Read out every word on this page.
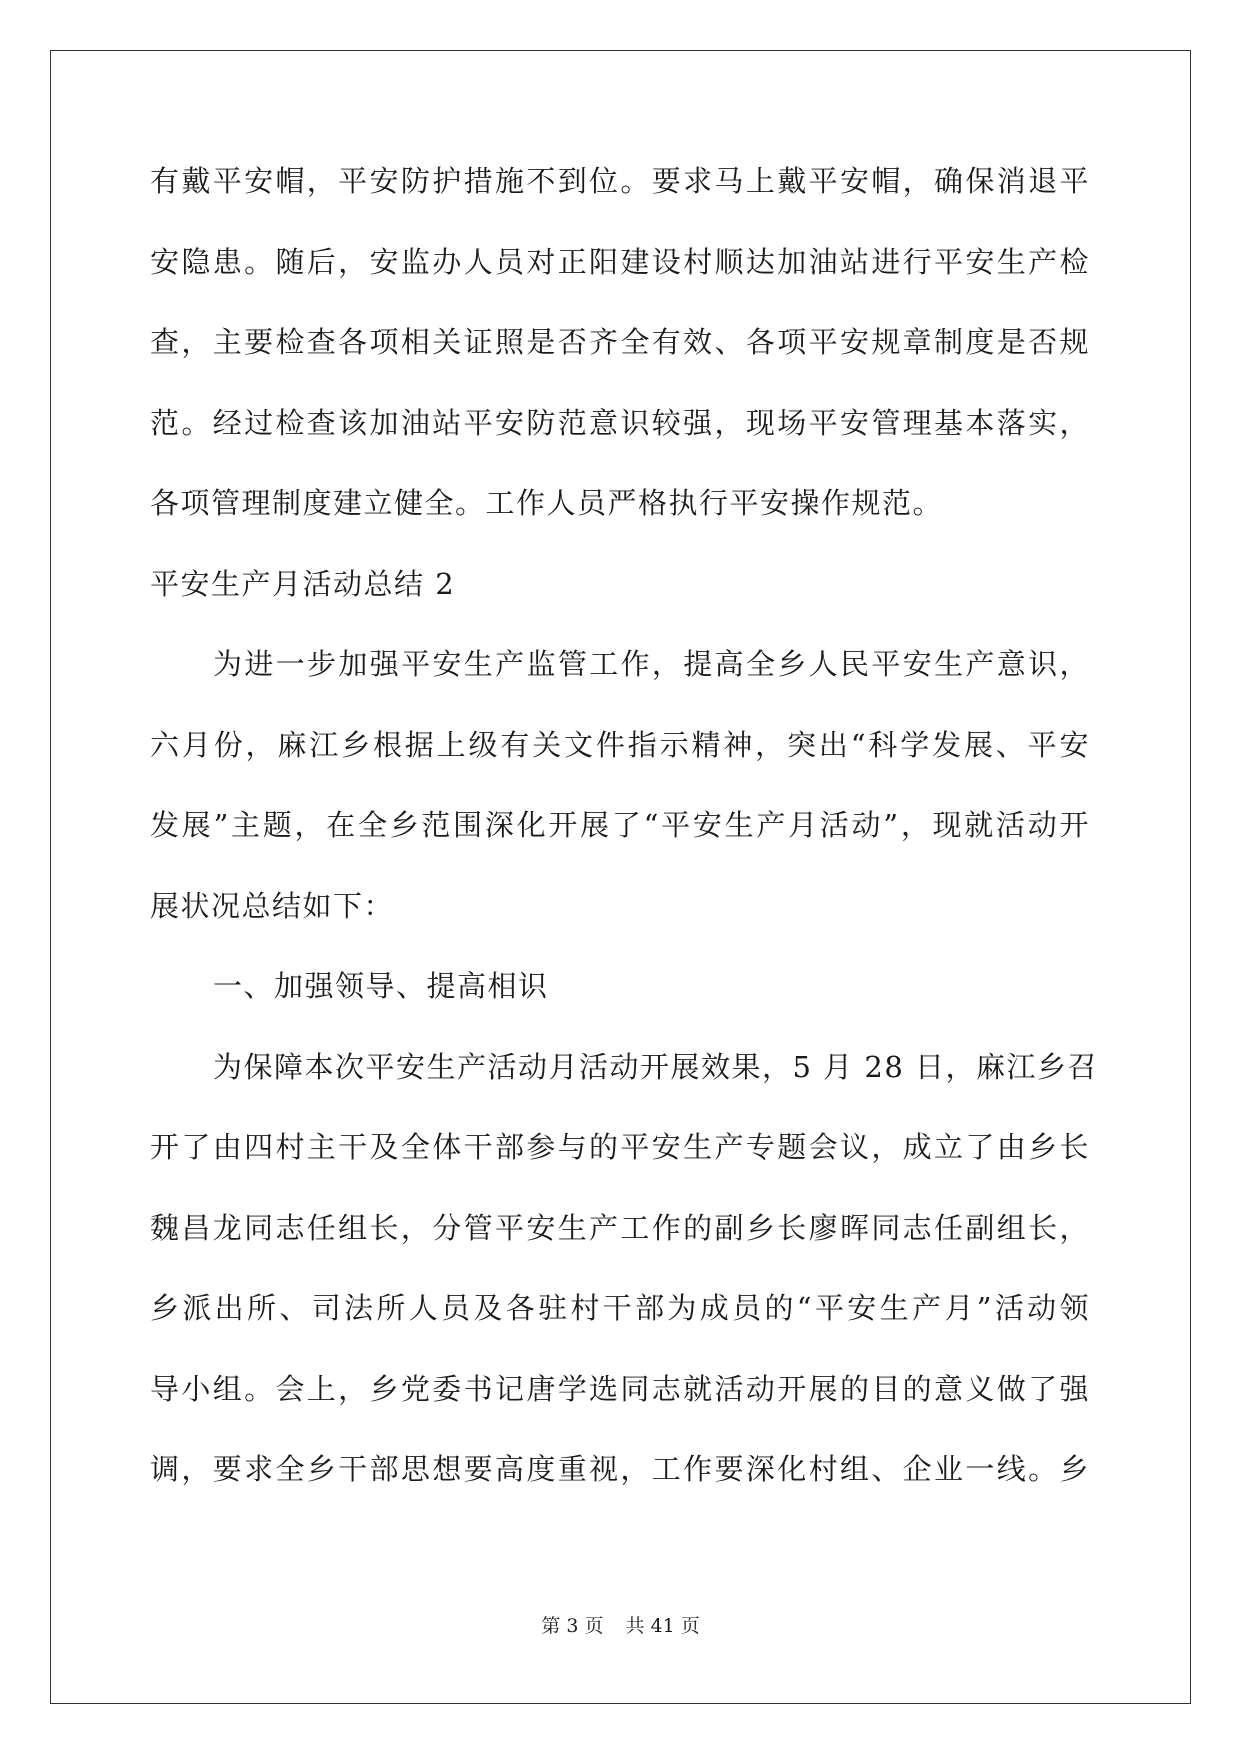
有戴平安帽，平安防护措施不到位。要求马上戴平安帽，确保消退平
安隐患。随后，安监办人员对正阳建设村顺达加油站进行平安生产检
查，主要检查各项相关证照是否齐全有效、各项平安规章制度是否规
范。经过检查该加油站平安防范意识较强，现场平安管理基本落实，
各项管理制度建立健全。工作人员严格执行平安操作规范。
平安生产月活动总结 2
为进一步加强平安生产监管工作，提高全乡人民平安生产意识，
六月份，麻江乡根据上级有关文件指示精神，突出“科学发展、平安
发展”主题，在全乡范围深化开展了“平安生产月活动”，现就活动开
展状况总结如下：
一、加强领导、提高相识
为保障本次平安生产活动月活动开展效果，5 月 28 日，麻江乡召
开了由四村主干及全体干部参与的平安生产专题会议，成立了由乡长
魏昌龙同志任组长，分管平安生产工作的副乡长廖晖同志任副组长，
乡派出所、司法所人员及各驻村干部为成员的“平安生产月”活动领
导小组。会上，乡党委书记唐学选同志就活动开展的目的意义做了强
调，要求全乡干部思想要高度重视，工作要深化村组、企业一线。乡
第 3 页 共 41 页
